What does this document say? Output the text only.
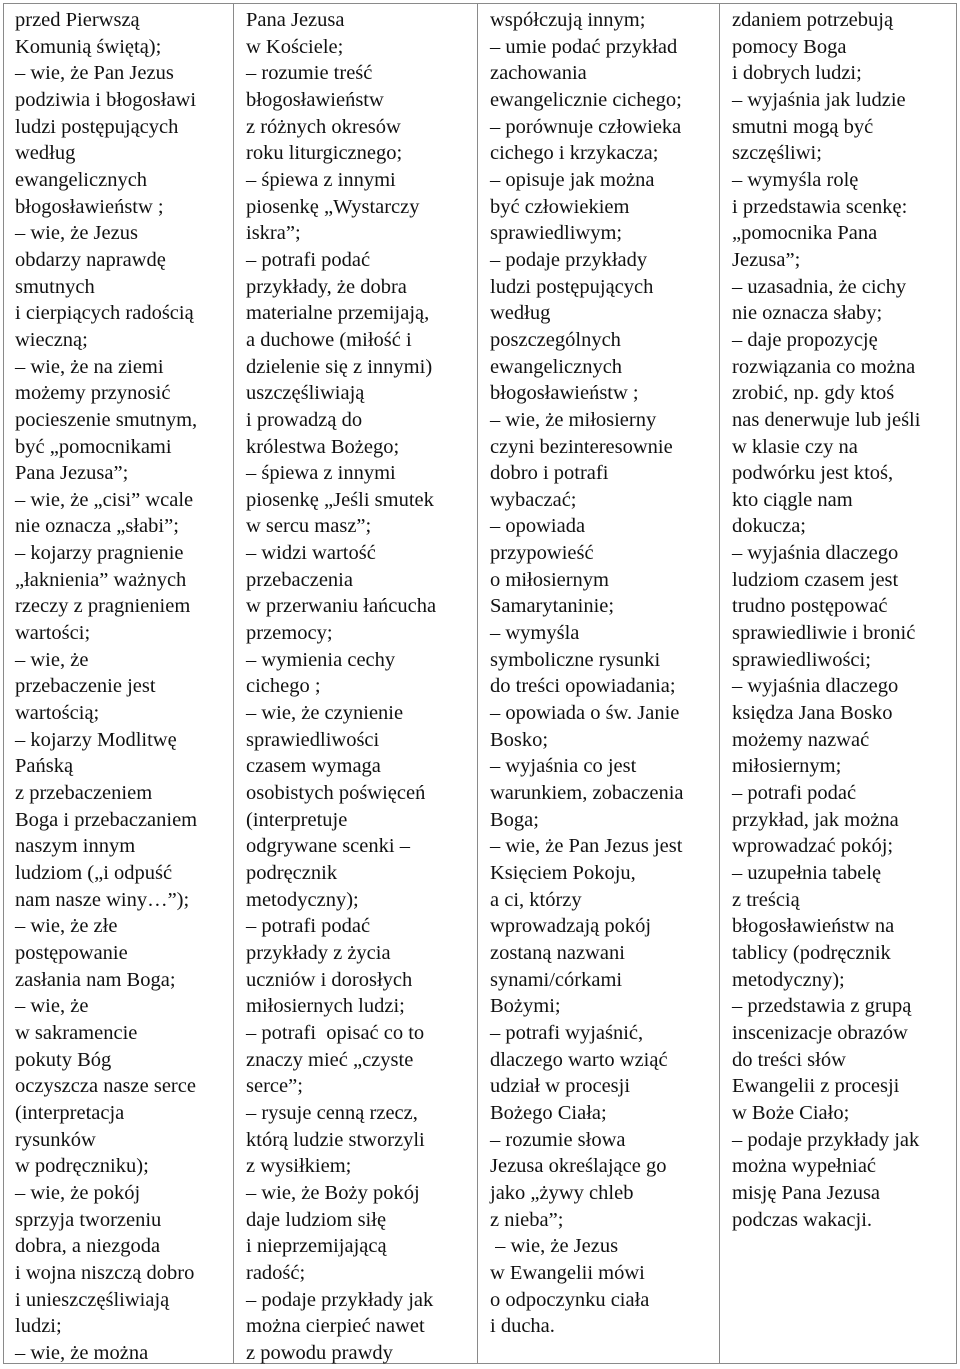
przed Pierwszą
Komunią świętą);
– wie, że Pan Jezus
podziwia i błogosławi
ludzi postępujących
według
ewangelicznych
błogosławieństw ;
– wie, że Jezus
obdarzy naprawdę
smutnych
i cierpiących radością
wieczną;
– wie, że na ziemi
możemy przynosić
pocieszenie smutnym,
być „pomocnikami
Pana Jezusa”;
– wie, że „cisi” wcale
nie oznacza „słabi”;
– kojarzy pragnienie
„łaknienia” ważnych
rzeczy z pragnieniem
wartości;
– wie, że
przebaczenie jest
wartością;
– kojarzy Modlitwę
Pańską
z przebaczeniem
Boga i przebaczaniem
naszym innym
ludziom („i odpuść
nam nasze winy…”);
– wie, że złe
postępowanie
zasłania nam Boga;
– wie, że
w sakramencie
pokuty Bóg
oczyszcza nasze serce
(interpretacja
rysunków
w podręczniku);
– wie, że pokój
sprzyja tworzeniu
dobra, a niezgoda
i wojna niszczą dobro
i unieszczęśliwiają
ludzi;
– wie, że można
Pana Jezusa
w Kościele;
– rozumie treść
błogosławieństw
z różnych okresów
roku liturgicznego;
– śpiewa z innymi
piosenkę „Wystarczy
iskra”;
– potrafi podać
przykłady, że dobra
materialne przemijają,
a duchowe (miłość i
dzielenie się z innymi)
uszczęśliwiają
i prowadzą do
królestwa Bożego;
– śpiewa z innymi
piosenkę „Jeśli smutek
w sercu masz”;
– widzi wartość
przebaczenia
w przerwaniu łańcucha
przemocy;
– wymienia cechy
cichego ;
– wie, że czynienie
sprawiedliwości
czasem wymaga
osobistych poświęceń
(interpretuje
odgrywane scenki –
podręcznik
metodyczny);
– potrafi podać
przykłady z życia
uczniów i dorosłych
miłosiernych ludzi;
– potrafi  opisać co to
znaczy mieć „czyste
serce”;
– rysuje cenną rzecz,
którą ludzie stworzyli
z wysiłkiem;
– wie, że Boży pokój
daje ludziom siłę
i nieprzemijającą
radość;
– podaje przykłady jak
można cierpieć nawet
z powodu prawdy
współczują innym;
– umie podać przykład
zachowania
ewangelicznie cichego;
– porównuje człowieka
cichego i krzykacza;
– opisuje jak można
być człowiekiem
sprawiedliwym;
– podaje przykłady
ludzi postępujących
według
poszczególnych
ewangelicznych
błogosławieństw ;
– wie, że miłosierny
czyni bezinteresownie
dobro i potrafi
wybaczać;
– opowiada
przypowieść
o miłosiernym
Samarytaninie;
– wymyśla
symboliczne rysunki
do treści opowiadania;
– opowiada o św. Janie
Bosko;
– wyjaśnia co jest
warunkiem, zobaczenia
Boga;
– wie, że Pan Jezus jest
Księciem Pokoju,
a ci, którzy
wprowadzają pokój
zostaną nazwani
synami/córkami
Bożymi;
– potrafi wyjaśnić,
dlaczego warto wziąć
udział w procesji
Bożego Ciała;
– rozumie słowa
Jezusa określające go
jako „żywy chleb
z nieba”;
– wie, że Jezus
w Ewangelii mówi
o odpoczynku ciała
i ducha.
zdaniem potrzebują
pomocy Boga
i dobrych ludzi;
– wyjaśnia jak ludzie
smutni mogą być
szczęśliwi;
– wymyśla rolę
i przedstawia scenkę:
„pomocnika Pana
Jezusa”;
– uzasadnia, że cichy
nie oznacza słaby;
– daje propozycję
rozwiązania co można
zrobić, np. gdy ktoś
nas denerwuje lub jeśli
w klasie czy na
podwórku jest ktoś,
kto ciągle nam
dokucza;
– wyjaśnia dlaczego
ludziom czasem jest
trudno postępować
sprawiedliwie i bronić
sprawiedliwości;
– wyjaśnia dlaczego
księdza Jana Bosko
możemy nazwać
miłosiernym;
– potrafi podać
przykład, jak można
wprowadzać pokój;
– uzupełnia tabelę
z treścią
błogosławieństw na
tablicy (podręcznik
metodyczny);
– przedstawia z grupą
inscenizacje obrazów
do treści słów
Ewangelii z procesji
w Boże Ciało;
– podaje przykłady jak
można wypełniać
misję Pana Jezusa
podczas wakacji.
